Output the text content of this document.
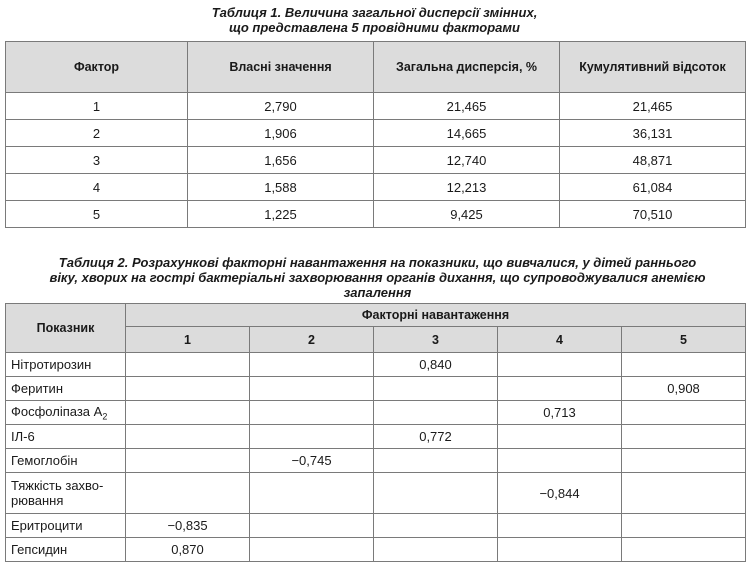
Таблиця 1. Величина загальної дисперсії змінних,
що представлена 5 провідними факторами
Фактор	Власні значення	Загальна дисперсія, %	Кумулятивний відсоток
1	2,790	21,465	21,465
2	1,906	14,665	36,131
3	1,656	12,740	48,871
4	1,588	12,213	61,084
5	1,225	9,425	70,510
Таблиця 2. Розрахункові факторні навантаження на показники, що вивчалися, у дітей раннього
віку, хворих на гострі бактеріальні захворювання органів дихання, що супроводжувалися анемією
запалення
Показник	Факторні навантаження				
	1	2	3	4	5
Нітротирозин			0,840		
Феритин					0,908
Фосфоліпаза $А_2$				0,713	
ІЛ-6			0,772		
Гемоглобін		−0,745			

Тяжкість захво-
рювання				−0,844	
Еритроцити	−0,835				
Гепсидин	0,870				
